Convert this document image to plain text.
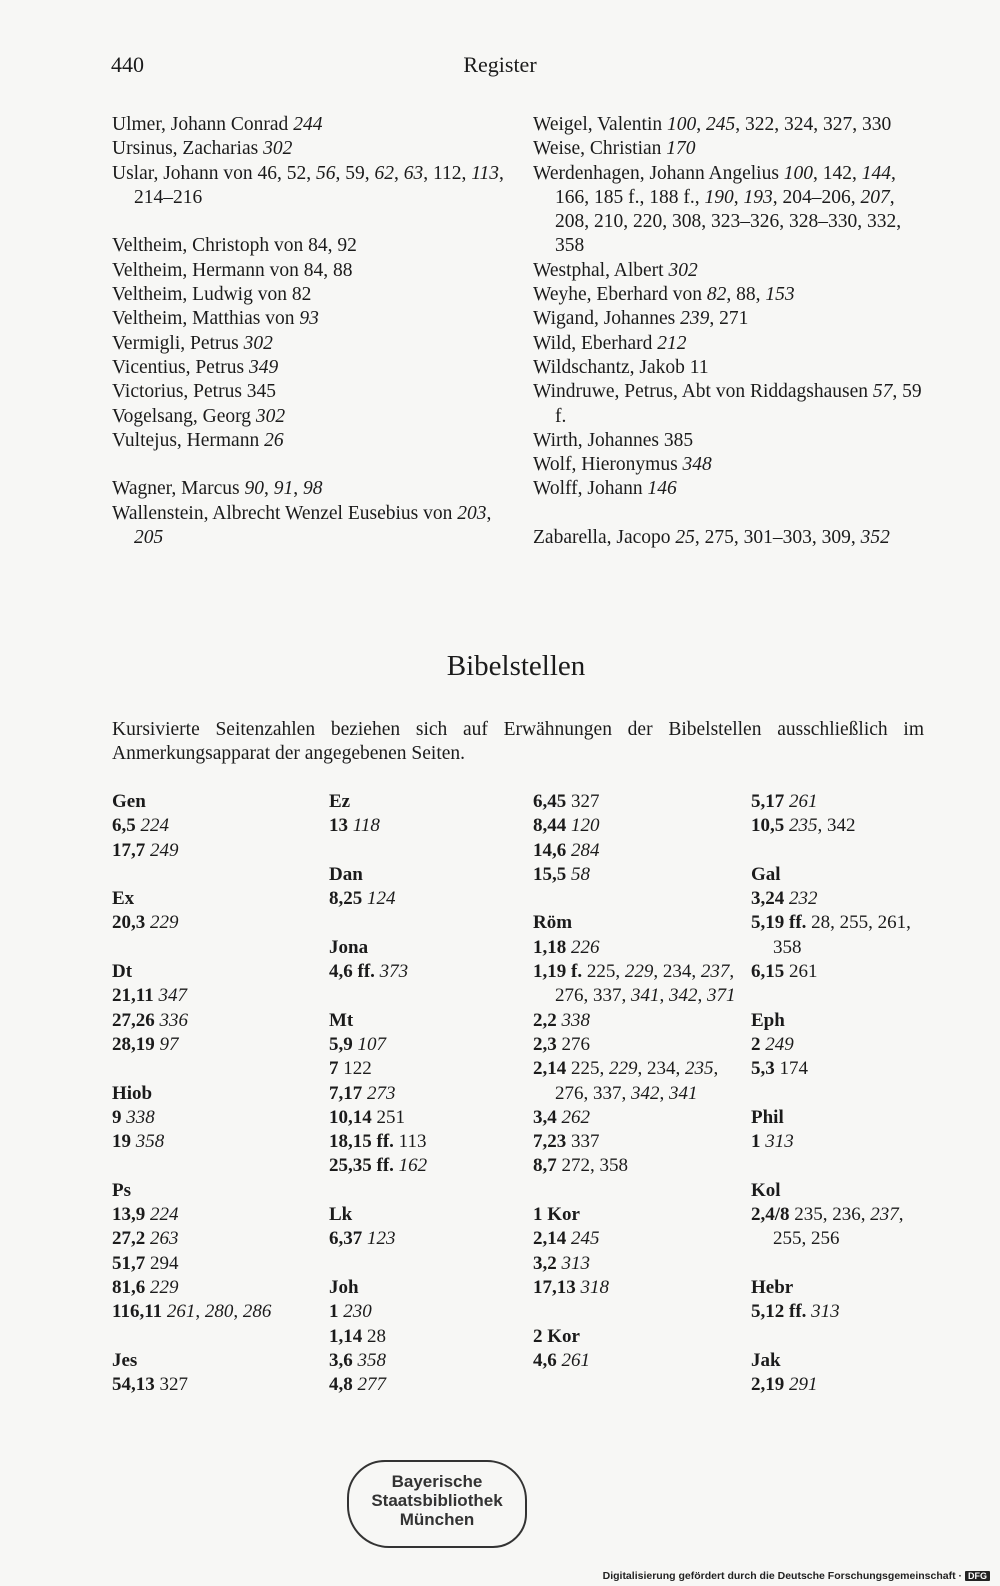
440	Register
Ulmer, Johann Conrad 244
Ursinus, Zacharias 302
Uslar, Johann von 46, 52, 56, 59, 62, 63, 112, 113, 214–216
Veltheim, Christoph von 84, 92
Veltheim, Hermann von 84, 88
Veltheim, Ludwig von 82
Veltheim, Matthias von 93
Vermigli, Petrus 302
Vicentius, Petrus 349
Victorius, Petrus 345
Vogelsang, Georg 302
Vultejus, Hermann 26
Wagner, Marcus 90, 91, 98
Wallenstein, Albrecht Wenzel Eusebius von 203, 205
Weigel, Valentin 100, 245, 322, 324, 327, 330
Weise, Christian 170
Werdenhagen, Johann Angelius 100, 142, 144, 166, 185 f., 188 f., 190, 193, 204–206, 207, 208, 210, 220, 308, 323–326, 328–330, 332, 358
Westphal, Albert 302
Weyhe, Eberhard von 82, 88, 153
Wigand, Johannes 239, 271
Wild, Eberhard 212
Wildschantz, Jakob 11
Windruwe, Petrus, Abt von Riddagshausen 57, 59 f.
Wirth, Johannes 385
Wolf, Hieronymus 348
Wolff, Johann 146
Zabarella, Jacopo 25, 275, 301–303, 309, 352
Bibelstellen
Kursivierte Seitenzahlen beziehen sich auf Erwähnungen der Bibelstellen ausschließlich im
Anmerkungsapparat der angegebenen Seiten.
Gen
6,5 224
17,7 249
Ex
20,3 229
Dt
21,11 347
27,26 336
28,19 97
Hiob
9 338
19 358
Ps
13,9 224
27,2 263
51,7 294
81,6 229
116,11 261, 280, 286
Jes
54,13 327
Ez
13 118
Dan
8,25 124
Jona
4,6 ff. 373
Mt
5,9 107
7 122
7,17 273
10,14 251
18,15 ff. 113
25,35 ff. 162
Lk
6,37 123
Joh
1 230
1,14 28
3,6 358
4,8 277
6,45 327
8,44 120
14,6 284
15,5 58
Röm
1,18 226
1,19 f. 225, 229, 234, 237, 276, 337, 341, 342, 371
2,2 338
2,3 276
2,14 225, 229, 234, 235, 276, 337, 342, 341
3,4 262
7,23 337
8,7 272, 358
1 Kor
2,14 245
3,2 313
17,13 318
2 Kor
4,6 261
5,17 261
10,5 235, 342
Gal
3,24 232
5,19 ff. 28, 255, 261, 358
6,15 261
Eph
2 249
5,3 174
Phil
1 313
Kol
2,4/8 235, 236, 237, 255, 256
Hebr
5,12 ff. 313
Jak
2,19 291
Bayerische
Staatsbibliothek
München
Digitalisierung gefördert durch die Deutsche Forschungsgemeinschaft · DFG
